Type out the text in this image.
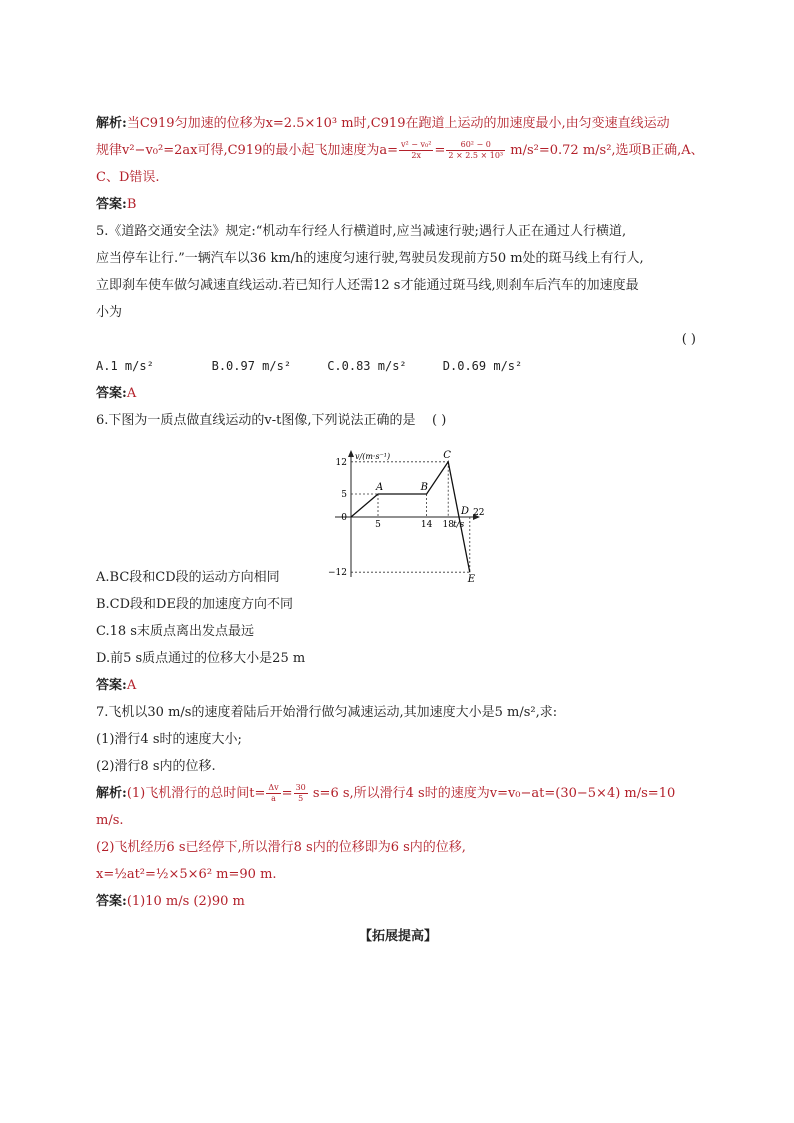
解析:当C919匀加速的位移为x=2.5×10³ m时,C919在跑道上运动的加速度最小,由匀变速直线运动
规律v²−v₀²=2ax可得,C919的最小起飞加速度为$a= \frac{\text{v² − v₀²}}{2x} = \frac{\text{60² − 0}}{\text{2 × 2.5 × 10³}} m/s^2=0.72$ m/s²,选项B正确,A、
C、D错误.
答案:B
5.《道路交通安全法》规定:“机动车行经人行横道时,应当减速行驶;遇行人正在通过人行横道,
应当停车让行.”一辆汽车以36 km/h的速度匀速行驶,驾驶员发现前方50 m处的斑马线上有行人,
立即刹车使车做匀减速直线运动.若已知行人还需12 s才能通过斑马线,则刹车后汽车的加速度最
小为
( )
A.1 m/s²        B.0.97 m/s²     C.0.83 m/s²     D.0.69 m/s²
答案:A
6.下图为一质点做直线运动的v-t图像,下列说法正确的是 ( )
A.BC段和CD段的运动方向相同
B.CD段和DE段的加速度方向不同
C.18 s末质点离出发点最远
D.前5 s质点通过的位移大小是25 m
答案:A
7.飞机以30 m/s的速度着陆后开始滑行做匀减速运动,其加速度大小是5 m/s²,求:
(1)滑行4 s时的速度大小;
(2)滑行8 s内的位移.
解析:(1)飞机滑行的总时间$t= \frac{\Delta v}{a} = \frac{30}{5} s=6$ s,所以滑行4 s时的速度为v=v₀−at=(30−5×4) m/s=10
m/s.
(2)飞机经历6 s已经停下,所以滑行8 s内的位移即为6 s内的位移,
x=½at²=½×5×6² m=90 m.
答案:(1)10 m/s (2)90 m
【拓展提高】
v/(m·s⁻¹)
t/s
A	B
C
D
E
12
5
0
−12
5	14 18
22
